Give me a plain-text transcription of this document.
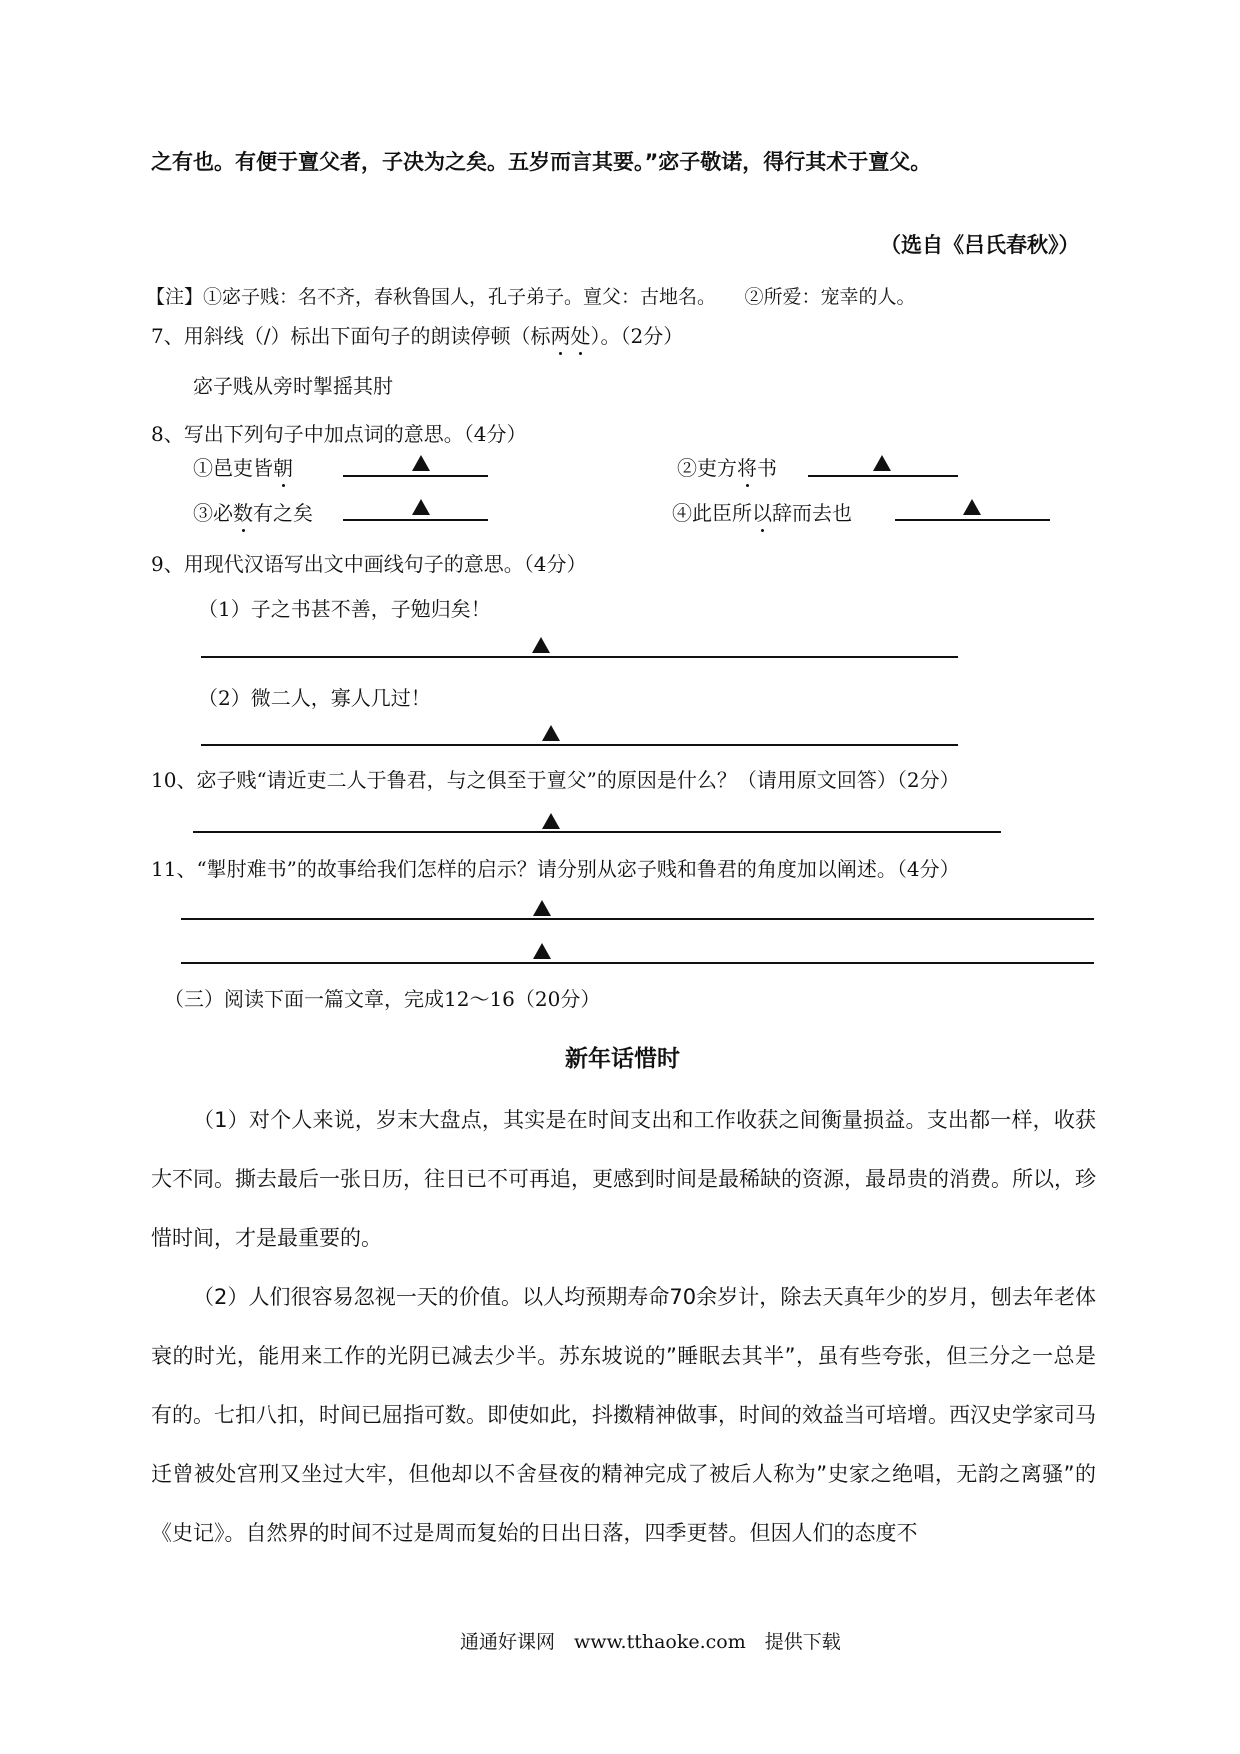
之有也。有便于亶父者，子决为之矣。五岁而言其要。”宓子敬诺，得行其术于亶父。
（选自《吕氏春秋》）
【注】①宓子贱：名不齐，春秋鲁国人，孔子弟子。亶父：古地名。　　②所爱：宠幸的人。
7、用斜线（/）标出下面句子的朗读停顿（标两
处
）。（2分）
宓子贱从旁时掣摇其肘
8、写出下列句子中加点词的意思。（4分）
①邑吏皆朝	②吏方将
书
③必数
有之矣	④此臣所以
辞而去也
9、用现代汉语写出文中画线句子的意思。（4分）
（1）子之书甚不善，子勉归矣！
（2）微二人，寡人几过！
10、宓子贱“请近吏二人于鲁君，与之俱至于亶父”的原因是什么？（请用原文回答）（2分）
11、“掣肘难书”的故事给我们怎样的启示？请分别从宓子贱和鲁君的角度加以阐述。（4分）
（三）阅读下面一篇文章，完成12～16（20分）
新年话惜时
（1）对个人来说，岁末大盘点，其实是在时间支出和工作收获之间衡量损益。支出都一样，收获大不同。撕去最后一张日历，往日已不可再追，更感到时间是最稀缺的资源，最昂贵的消费。所以，珍惜时间，才是最重要的。
（2）人们很容易忽视一天的价值。以人均预期寿命70余岁计，除去天真年少的岁月，刨去年老体衰的时光，能用来工作的光阴已减去少半。苏东坡说的”睡眠去其半”，虽有些夸张，但三分之一总是有的。七扣八扣，时间已屈指可数。即使如此，抖擞精神做事，时间的效益当可培增。西汉史学家司马迁曾被处宫刑又坐过大牢，但他却以不舍昼夜的精神完成了被后人称为”史家之绝唱，无韵之离骚”的《史记》。自然界的时间不过是周而复始的日出日落，四季更替。但因人们的态度不
通通好课网　www.tthaoke.com　提供下载
